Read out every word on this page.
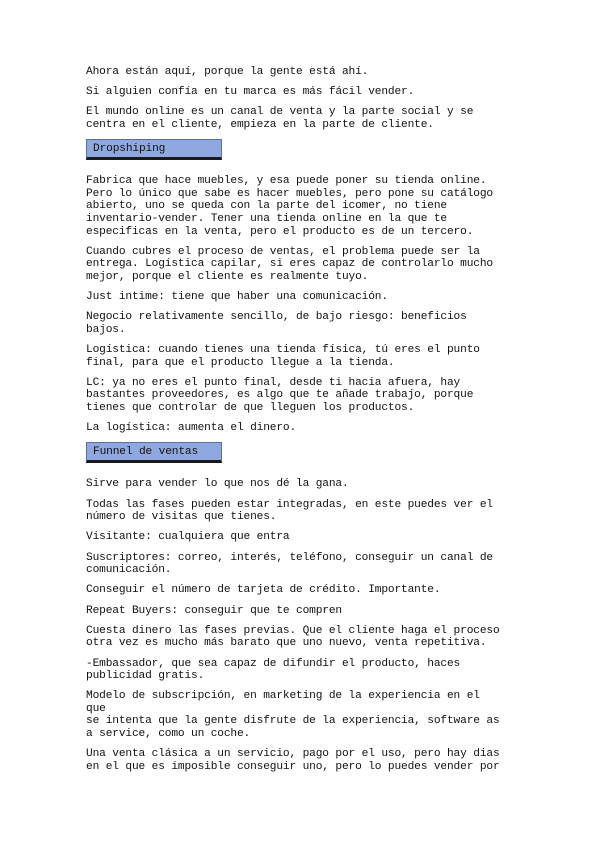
Ahora están aquí, porque la gente está ahí.

Si alguien confía en tu marca es más fácil vender.

El mundo online es un canal de venta y la parte social y se
centra en el cliente, empieza en la parte de cliente.

Dropshiping

Fabrica que hace muebles, y esa puede poner su tienda online.
Pero lo único que sabe es hacer muebles, pero pone su catálogo
abierto, uno se queda con la parte del icomer, no tiene
inventario-vender. Tener una tienda online en la que te
especificas en la venta, pero el producto es de un tercero.

Cuando cubres el proceso de ventas, el problema puede ser la
entrega. Logística capilar, si eres capaz de controlarlo mucho
mejor, porque el cliente es realmente tuyo.

Just intime: tiene que haber una comunicación.

Negocio relativamente sencillo, de bajo riesgo: beneficios
bajos.

Logística: cuando tienes una tienda física, tú eres el punto
final, para que el producto llegue a la tienda.

LC: ya no eres el punto final, desde ti hacia afuera, hay
bastantes proveedores, es algo que te añade trabajo, porque
tienes que controlar de que lleguen los productos.

La logística: aumenta el dinero.

Funnel de ventas

Sirve para vender lo que nos dé la gana.

Todas las fases pueden estar integradas, en este puedes ver el
número de visitas que tienes.

Visitante: cualquiera que entra

Suscriptores: correo, interés, teléfono, conseguir un canal de
comunicación.

Conseguir el número de tarjeta de crédito. Importante.

Repeat Buyers: conseguir que te compren

Cuesta dinero las fases previas. Que el cliente haga el proceso
otra vez es mucho más barato que uno nuevo, venta repetitiva.

-Embassador, que sea capaz de difundir el producto, haces
publicidad gratis.

Modelo de subscripción, en marketing de la experiencia en el que
se intenta que la gente disfrute de la experiencia, software as
a service, como un coche.

Una venta clásica a un servicio, pago por el uso, pero hay dias
en el que es imposible conseguir uno, pero lo puedes vender por
